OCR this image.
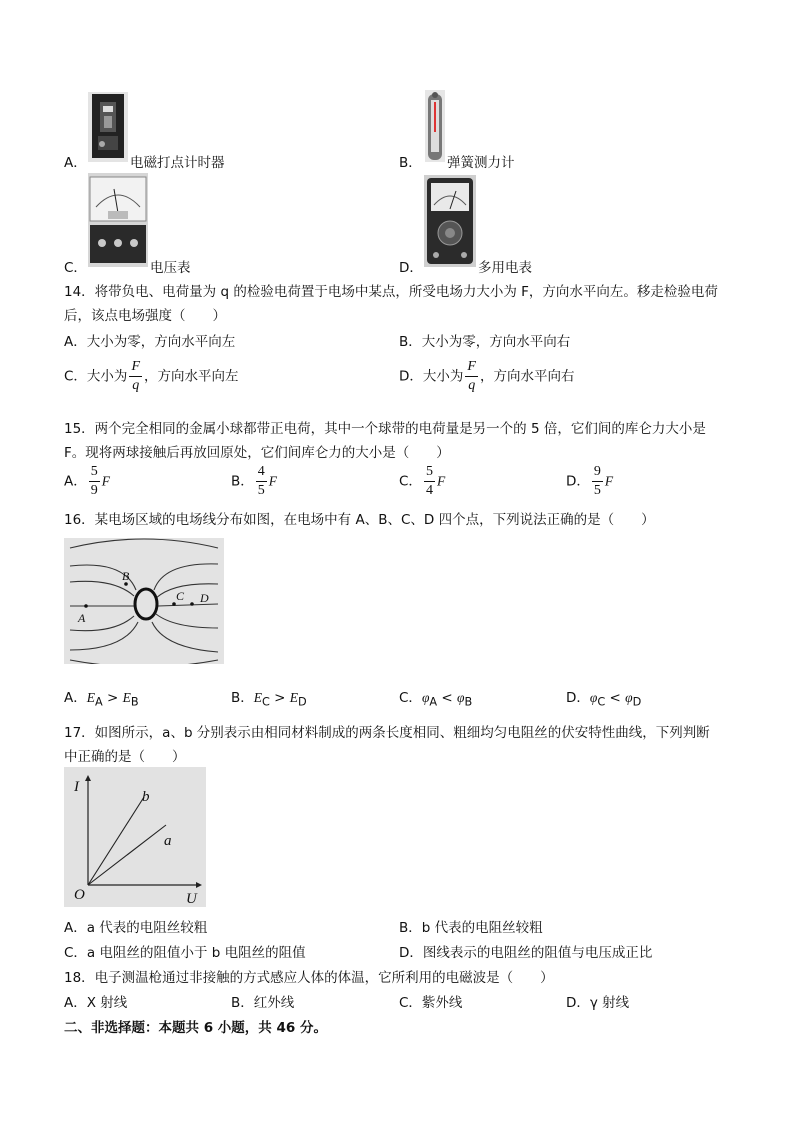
A．	电磁打点计时器	B． 弹簧测力计
C．	电压表	D．	多用电表
14．将带负电、电荷量为 q 的检验电荷置于电场中某点，所受电场力大小为 F，方向水平向左。移走检验电荷
后，该点电场强度（　　）
A．大小为零，方向水平向左	B．大小为零，方向水平向右
C．大小为 $\frac{F}{q}$ ，方向水平向左	D．大小为 $\frac{F}{q}$ ，方向水平向右
15．两个完全相同的金属小球都带正电荷，其中一个球带的电荷量是另一个的 5 倍，它们间的库仑力大小是
F。现将两球接触后再放回原处，它们间库仑力的大小是（　　）
A． $\frac{5}{9}$ F	B． $\frac{4}{5}$ F	C． $\frac{5}{4}$ F	D． $\frac{9}{5}$ F
16．某电场区域的电场线分布如图，在电场中有 A、B、C、D 四个点，下列说法正确的是（　　）
A
B
C D
A．$E_A > E_B$	B．$E_C > E_D$	C．$\varphi_A < \varphi_B$	D．$\varphi_C < \varphi_D$
17．如图所示，a、b 分别表示由相同材料制成的两条长度相同、粗细均匀电阻丝的伏安特性曲线，下列判断
中正确的是（　　）
I
U
O
b
a
A．a 代表的电阻丝较粗	B．b 代表的电阻丝较粗
C．a 电阻丝的阻值小于 b 电阻丝的阻值	D．图线表示的电阻丝的阻值与电压成正比
18．电子测温枪通过非接触的方式感应人体的体温，它所利用的电磁波是（　　）
A．X 射线	B．红外线	C．紫外线	D．γ 射线
二、非选择题：本题共 6 小题，共 46 分。
